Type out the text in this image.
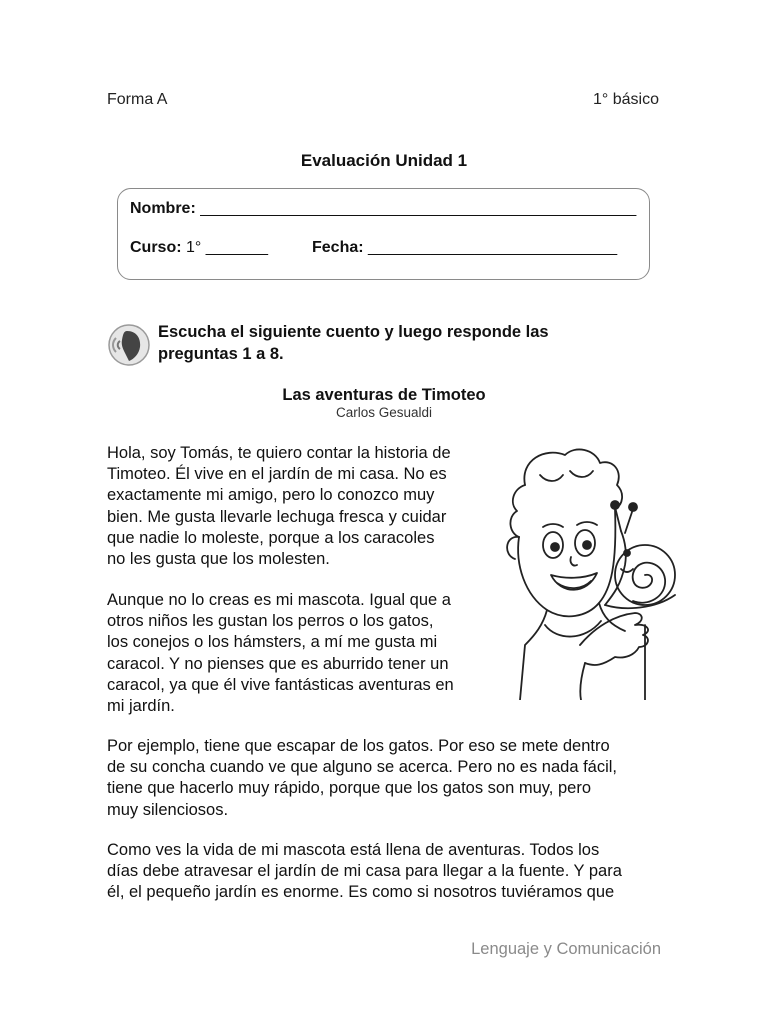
Forma A	1° básico
Evaluación Unidad 1
Nombre: _________________________________________________
Curso: 1° _______	Fecha: ____________________________
Escucha el siguiente cuento y luego responde las preguntas 1 a 8.
Las aventuras de Timoteo
Carlos Gesualdi

Hola, soy Tomás, te quiero contar la historia de
Timoteo. Él vive en el jardín de mi casa. No es
exactamente mi amigo, pero lo conozco muy
bien. Me gusta llevarle lechuga fresca y cuidar
que nadie lo moleste, porque a los caracoles
no les gusta que los molesten.

Aunque no lo creas es mi mascota. Igual que a
otros niños les gustan los perros o los gatos,
los conejos o los hámsters, a mí me gusta mi
caracol. Y no pienses que es aburrido tener un
caracol, ya que él vive fantásticas aventuras en
mi jardín.

Por ejemplo, tiene que escapar de los gatos. Por eso se mete dentro
de su concha cuando ve que alguno se acerca. Pero no es nada fácil,
tiene que hacerlo muy rápido, porque que los gatos son muy, pero
muy silenciosos.

Como ves la vida de mi mascota está llena de aventuras. Todos los
días debe atravesar el jardín de mi casa para llegar a la fuente. Y para
él, el pequeño jardín es enorme. Es como si nosotros tuviéramos que

Lenguaje y Comunicación
